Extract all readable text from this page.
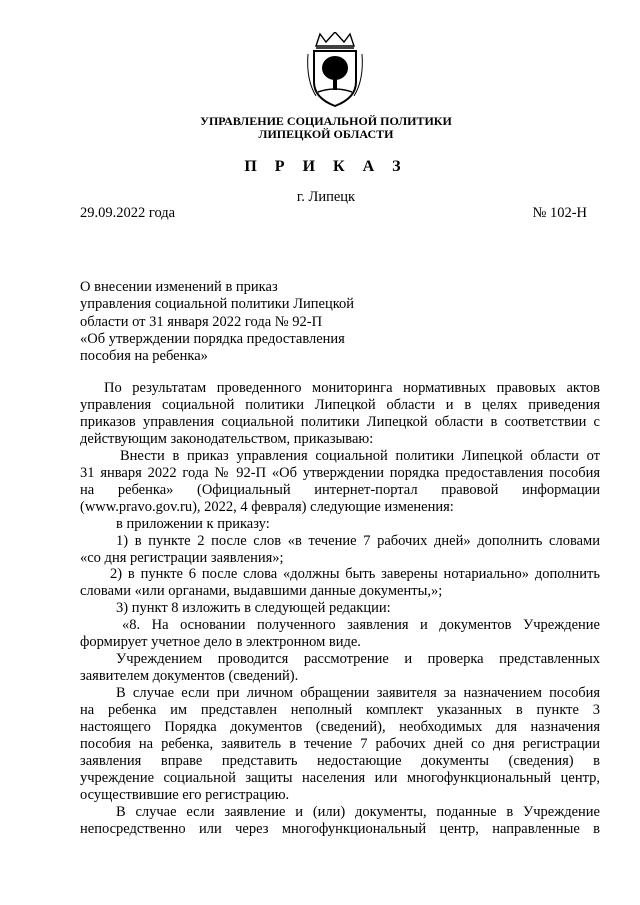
УПРАВЛЕНИЕ СОЦИАЛЬНОЙ ПОЛИТИКИ
ЛИПЕЦКОЙ ОБЛАСТИ
П Р И К А З
г. Липецк
29.09.2022 года	№ 102-Н
О внесении изменений в приказ
управления социальной политики Липецкой
области от 31 января 2022 года № 92-П
«Об утверждении порядка предоставления
пособия на ребенка»
По результатам проведенного мониторинга нормативных правовых актов
управления социальной политики Липецкой области и в целях приведения
приказов управления социальной политики Липецкой области в соответствии с
действующим законодательством, приказываю:
Внести в приказ управления социальной политики Липецкой области от
31 января 2022 года № 92-П «Об утверждении порядка предоставления пособия
на ребенка» (Официальный интернет-портал правовой информации
(www.pravo.gov.ru), 2022, 4 февраля) следующие изменения:
в приложении к приказу:
1) в пункте 2 после слов «в течение 7 рабочих дней» дополнить словами
«со дня регистрации заявления»;
2) в пункте 6 после слова «должны быть заверены нотариально» дополнить
словами «или органами, выдавшими данные документы,»;
3) пункт 8 изложить в следующей редакции:
«8. На основании полученного заявления и документов Учреждение
формирует учетное дело в электронном виде.
Учреждением проводится рассмотрение и проверка представленных
заявителем документов (сведений).
В случае если при личном обращении заявителя за назначением пособия
на ребенка им представлен неполный комплект указанных в пункте 3
настоящего Порядка документов (сведений), необходимых для назначения
пособия на ребенка, заявитель в течение 7 рабочих дней со дня регистрации
заявления вправе представить недостающие документы (сведения) в
учреждение социальной защиты населения или многофункциональный центр,
осуществившие его регистрацию.
В случае если заявление и (или) документы, поданные в Учреждение
непосредственно или через многофункциональный центр, направленные в
